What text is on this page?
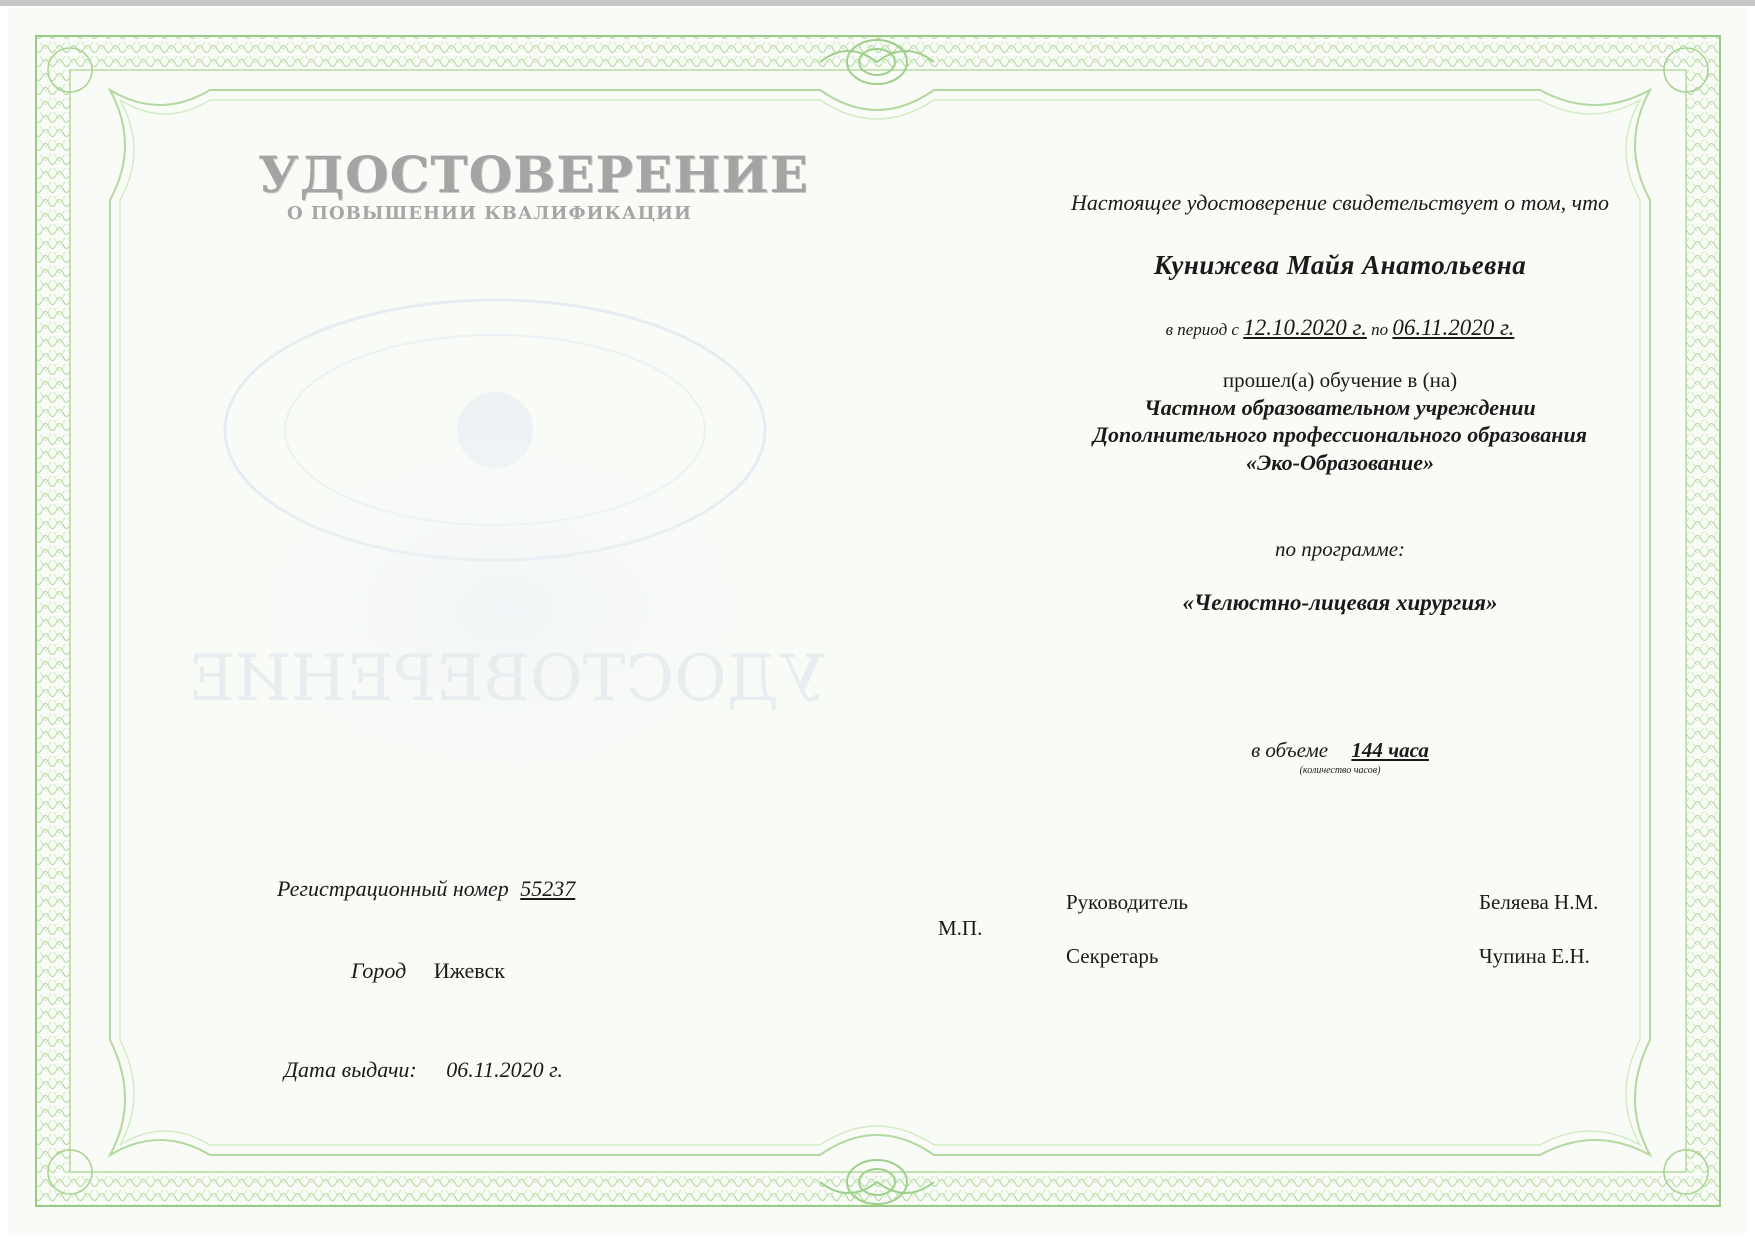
УДОСТОВЕРЕНИЕ
УДОСТОВЕРЕНИЕ
О ПОВЫШЕНИИ КВАЛИФИКАЦИИ
Регистрационный номер 55237
Город Ижевск
Дата выдачи: 06.11.2020 г.
Настоящее удостоверение свидетельствует о том, что
Кунижева Майя Анатольевна
в период с 12.10.2020 г. по 06.11.2020 г.
прошел(а) обучение в (на)
Частном образовательном учреждении
Дополнительного профессионального образования
«Эко-Образование»
по программе:
«Челюстно-лицевая хирургия»
в объеме 144 часа
(количество часов)
М.П.
Руководитель	Беляева Н.М.
Секретарь	Чупина Е.Н.
